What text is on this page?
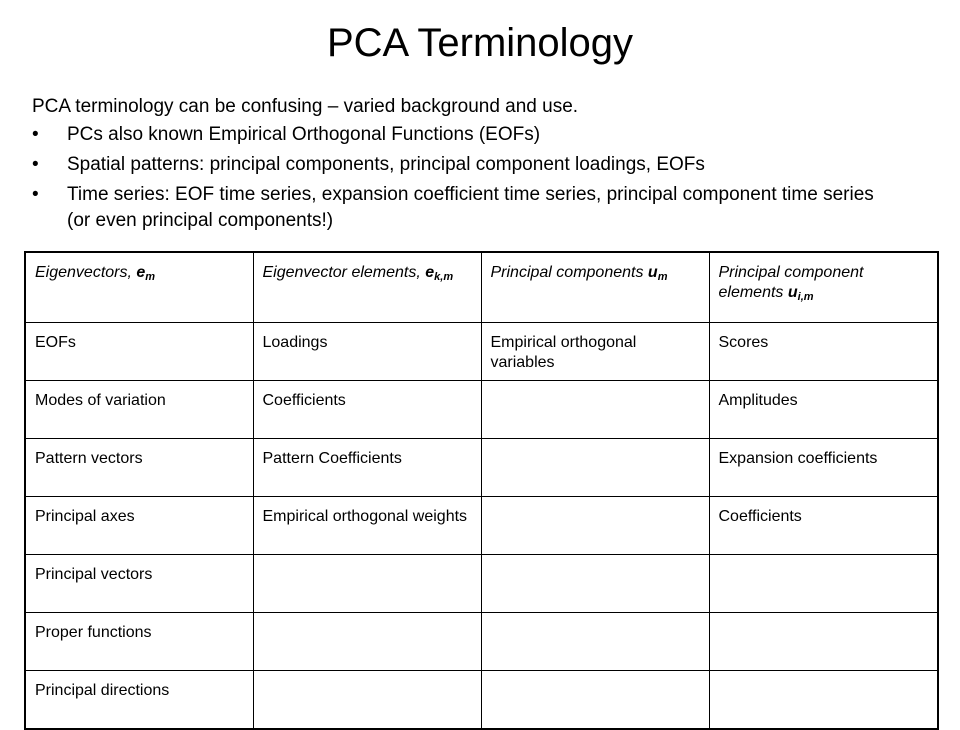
PCA Terminology
PCA terminology can be confusing – varied background and use.
• PCs also known Empirical Orthogonal Functions (EOFs)
• Spatial patterns: principal components, principal component loadings, EOFs
• Time series: EOF time series, expansion coefficient time series, principal component time series (or even principal components!)
Eigenvectors, $e_m$	Eigenvector elements, $e_{k,m}$	Principal components $u_m$	Principal component elements $u_{i,m}$
EOFs	Loadings	Empirical orthogonal variables	Scores
Modes of variation	Coefficients		Amplitudes
Pattern vectors	Pattern Coefficients		Expansion coefficients
Principal axes	Empirical orthogonal weights		Coefficients
Principal vectors			
Proper functions			
Principal directions			
